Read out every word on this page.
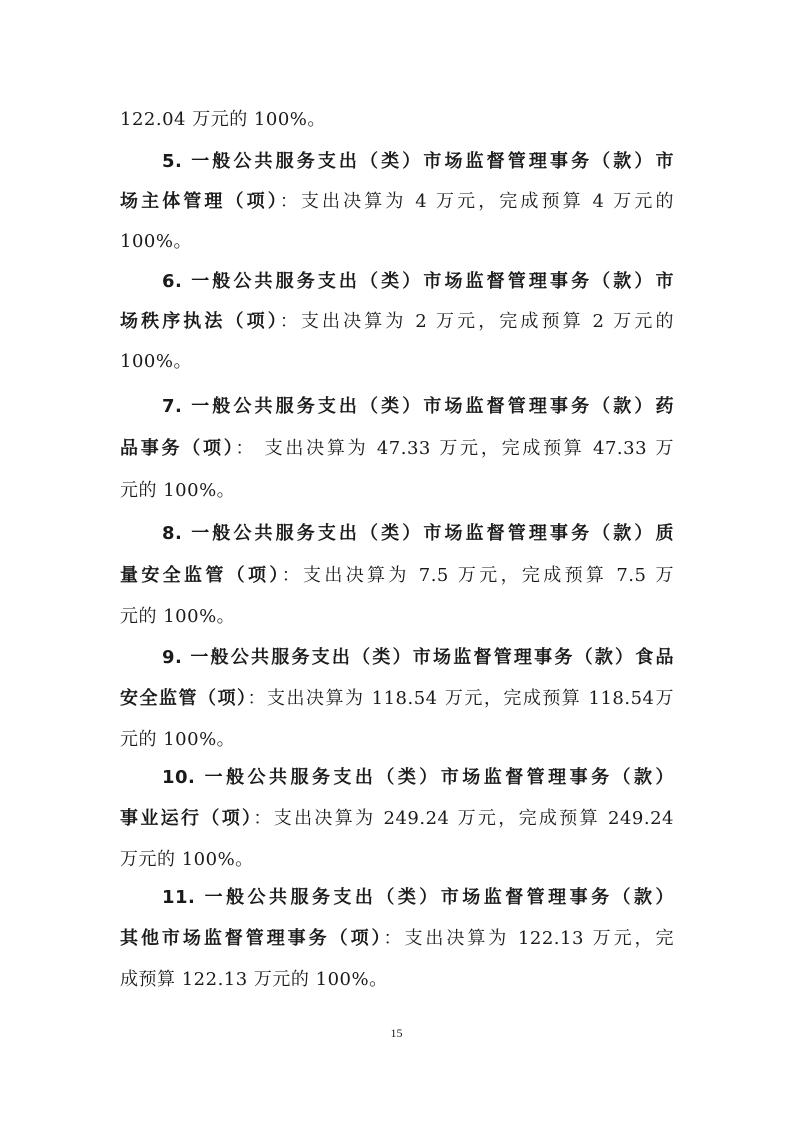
122.04 万元的 100%。
5. 一般公共服务支出（类）市场监督管理事务（款）市
场主体管理（项）：支出决算为 4 万元，完成预算 4 万元的
100%。
6. 一般公共服务支出（类）市场监督管理事务（款）市
场秩序执法（项）：支出决算为 2 万元，完成预算 2 万元的
100%。
7. 一般公共服务支出（类）市场监督管理事务（款）药
品事务（项）： 支出决算为 47.33 万元，完成预算 47.33 万
元的 100%。
8. 一般公共服务支出（类）市场监督管理事务（款）质
量安全监管（项）：支出决算为 7.5 万元，完成预算 7.5 万
元的 100%。
9. 一般公共服务支出（类）市场监督管理事务（款）食品
安全监管（项）：支出决算为 118.54 万元，完成预算 118.54万
元的 100%。
10. 一般公共服务支出（类）市场监督管理事务（款）
事业运行（项）：支出决算为 249.24 万元，完成预算 249.24
万元的 100%。
11. 一般公共服务支出（类）市场监督管理事务（款）
其他市场监督管理事务（项）：支出决算为 122.13 万元，完
成预算 122.13 万元的 100%。
15
